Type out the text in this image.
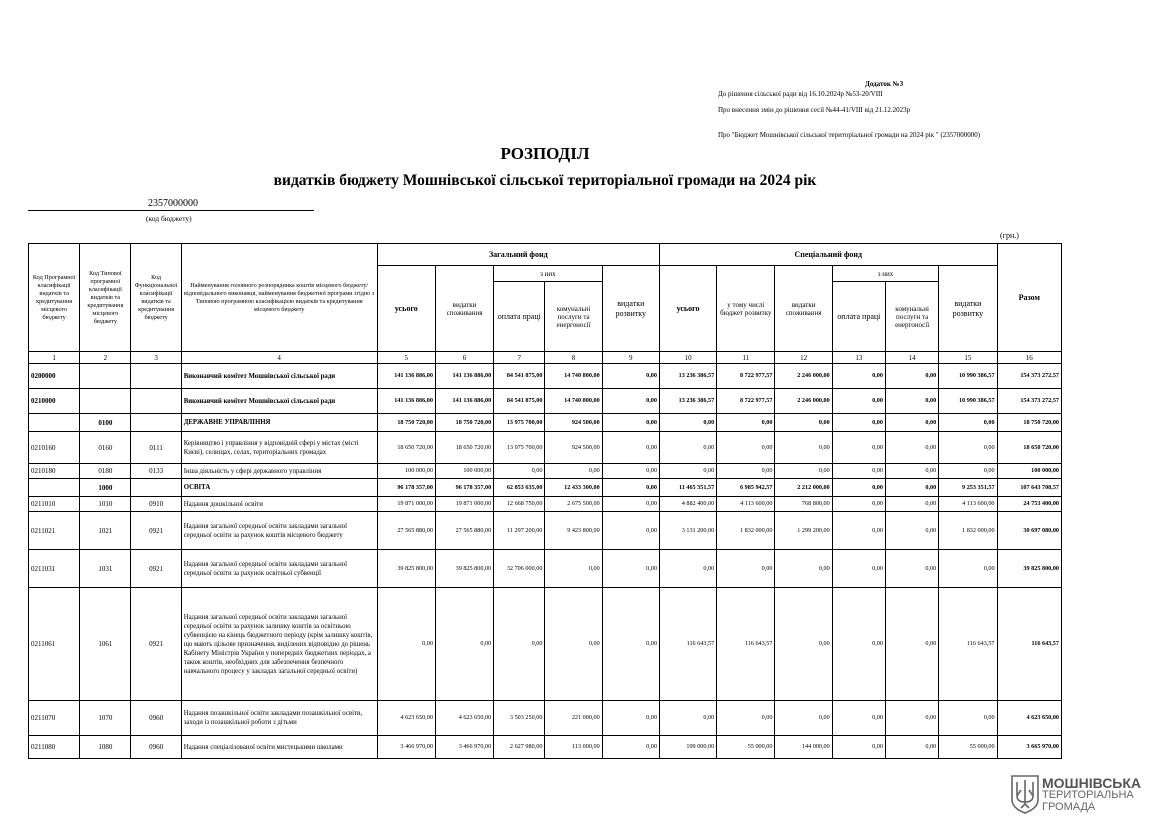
Додаток №3
До рішення сільської ради від 16.10.2024р №53-20/VIII
Про внесення змін до рішення сесії №44-41/VIII від 21.12.2023р
Про "Бюджет Мошнівської сільської територіальної громади на 2024 рік " (2357000000)
РОЗПОДІЛ
видатків бюджету Мошнівської сільської територіальної громади на 2024 рік
2357000000
(код бюджету)
(грн.)
Код Програмної класифікації видатків та кредитування місцевого бюджету	Код Типової програмної класифікації видатків та кредитування місцевого бюджету	Код Функціональної класифікації видатків та кредитування бюджету	Найменування головного розпорядника коштів місцевого бюджету/ відповідального виконавця, найменування бюджетної програми згідно з Типовою програмною класифікацією видатків та кредитування місцевого бюджету	Загальний фонд					Спеціальний фонд						Разом
				усього	видатки споживання	з них		видатки розвитку	усього	у тому числі бюджет розвитку	видатки споживання	з них		видатки розвитку	
						оплата праці	комунальні послуги та енергоносії					оплата праці	комунальні послуги та енергоносії		
1	2	3	4	5	6	7	8	9	10	11	12	13	14	15	16
0200000			Виконавчий комітет Мошнівської сільської ради	141 136 886,00	141 136 886,00	84 541 875,00	14 740 800,00	0,00	13 236 386,57	8 722 977,57	2 246 000,00	0,00	0,00	10 990 386,57	154 373 272,57
0210000			Виконавчий комітет Мошнівської сільської ради	141 136 886,00	141 136 886,00	84 541 875,00	14 740 800,00	0,00	13 236 386,57	8 722 977,57	2 246 000,00	0,00	0,00	10 990 386,57	154 373 272,57
	0100		ДЕРЖАВНЕ УПРАВЛІННЯ	18 750 720,00	18 750 720,00	13 975 700,00	924 500,00	0,00	0,00	0,00	0,00	0,00	0,00	0,00	18 750 720,00
0210160	0160	0111	Керівництво і управління у відповідній сфері у містах (місті Києві), селищах, селах, територіальних громадах	18 650 720,00	18 650 720,00	13 975 700,00	924 500,00	0,00	0,00	0,00	0,00	0,00	0,00	0,00	18 650 720,00
0210180	0180	0133	Інша діяльність у сфері державного управління	100 000,00	100 000,00	0,00	0,00	0,00	0,00	0,00	0,00	0,00	0,00	0,00	100 000,00
	1000		ОСВІТА	96 178 357,00	96 178 357,00	62 853 635,00	12 433 300,00	0,00	11 465 351,57	6 985 942,57	2 212 000,00	0,00	0,00	9 253 351,57	107 643 708,57
0211010	1010	0910	Надання дошкільної освіти	19 871 000,00	19 871 000,00	12 668 750,00	2 675 500,00	0,00	4 882 400,00	4 113 600,00	768 800,00	0,00	0,00	4 113 600,00	24 753 400,00
0211021	1021	0921	Надання загальної середньої освіти закладами загальної середньої освіти за рахунок коштів місцевого бюджету	27 565 880,00	27 565 880,00	11 297 200,00	9 423 800,00	0,00	3 131 200,00	1 832 000,00	1 299 200,00	0,00	0,00	1 832 000,00	30 697 080,00
0211031	1031	0921	Надання загальної середньої освіти закладами загальної середньої освіти за рахунок освітньої субвенції	39 825 800,00	39 825 800,00	32 706 000,00	0,00	0,00	0,00	0,00	0,00	0,00	0,00	0,00	39 825 800,00
0211061	1061	0921	Надання загальної середньої освіти закладами загальної середньої освіти за рахунок залишку коштів за освітньою субвенцією на кінець бюджетного періоду (крім залишку коштів, що мають цільове призначення, виділених відповідно до рішень Кабінету Міністрів України у попередніх бюджетних періодах, а також коштів, необхідних для забезпечення безпечного навчального процесу у закладах загальної середньої освіти)	0,00	0,00	0,00	0,00	0,00	116 643,57	116 643,57	0,00	0,00	0,00	116 643,57	116 643,57
0211070	1070	0960	Надання позашкільної освіти закладами позашкільної освіти, заходи із позашкільної роботи з дітьми	4 623 650,00	4 623 650,00	3 503 250,00	221 000,00	0,00	0,00	0,00	0,00	0,00	0,00	0,00	4 623 650,00
0211080	1080	0960	Надання спеціалізованої освіти мистецькими школами	3 466 970,00	3 466 970,00	2 627 980,00	113 000,00	0,00	199 000,00	55 000,00	144 000,00	0,00	0,00	55 000,00	3 665 970,00
МОШНІВСЬКА
ТЕРИТОРІАЛЬНА
ГРОМАДА
